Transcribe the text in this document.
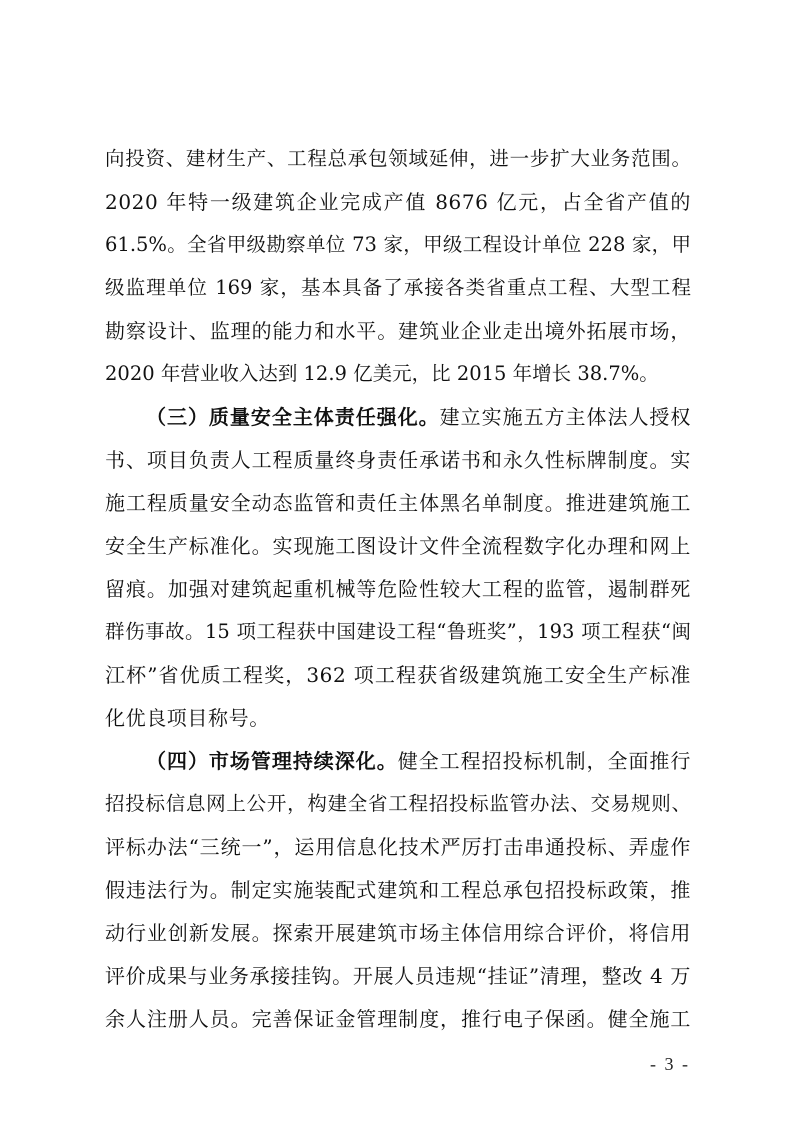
向投资、建材生产、工程总承包领域延伸，进一步扩大业务范围。
2020 年特一级建筑企业完成产值 8676 亿元，占全省产值的
61.5%。全省甲级勘察单位 73 家，甲级工程设计单位 228 家，甲
级监理单位 169 家，基本具备了承接各类省重点工程、大型工程
勘察设计、监理的能力和水平。建筑业企业走出境外拓展市场，
2020 年营业收入达到 12.9 亿美元，比 2015 年增长 38.7%。
（三）质量安全主体责任强化。建立实施五方主体法人授权
书、项目负责人工程质量终身责任承诺书和永久性标牌制度。实
施工程质量安全动态监管和责任主体黑名单制度。推进建筑施工
安全生产标准化。实现施工图设计文件全流程数字化办理和网上
留痕。加强对建筑起重机械等危险性较大工程的监管，遏制群死
群伤事故。15 项工程获中国建设工程“鲁班奖”，193 项工程获“闽
江杯”省优质工程奖，362 项工程获省级建筑施工安全生产标准
化优良项目称号。
（四）市场管理持续深化。健全工程招投标机制，全面推行
招投标信息网上公开，构建全省工程招投标监管办法、交易规则、
评标办法“三统一”，运用信息化技术严厉打击串通投标、弄虚作
假违法行为。制定实施装配式建筑和工程总承包招投标政策，推
动行业创新发展。探索开展建筑市场主体信用综合评价，将信用
评价成果与业务承接挂钩。开展人员违规“挂证”清理，整改 4 万
余人注册人员。完善保证金管理制度，推行电子保函。健全施工
- 3 -
